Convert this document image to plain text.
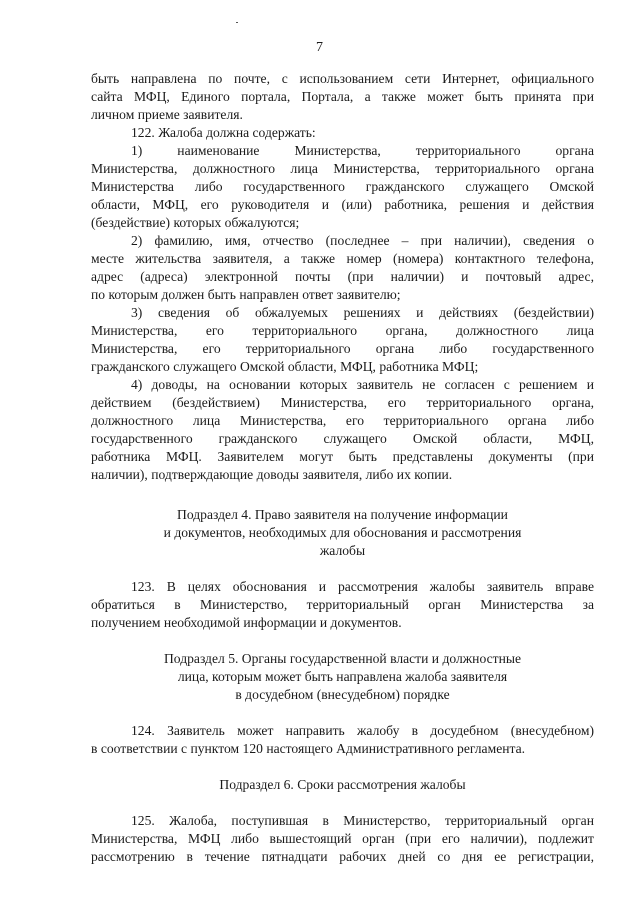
7
быть направлена по почте, с использованием сети Интернет, официального
сайта МФЦ, Единого портала, Портала, а также может быть принята при
личном приеме заявителя.
122. Жалоба должна содержать:
1) наименование Министерства, территориального органа
Министерства, должностного лица Министерства, территориального органа
Министерства либо государственного гражданского служащего Омской
области, МФЦ, его руководителя и (или) работника, решения и действия
(бездействие) которых обжалуются;
2) фамилию, имя, отчество (последнее – при наличии), сведения о
месте жительства заявителя, а также номер (номера) контактного телефона,
адрес (адреса) электронной почты (при наличии) и почтовый адрес,
по которым должен быть направлен ответ заявителю;
3) сведения об обжалуемых решениях и действиях (бездействии)
Министерства, его территориального органа, должностного лица
Министерства, его территориального органа либо государственного
гражданского служащего Омской области, МФЦ, работника МФЦ;
4) доводы, на основании которых заявитель не согласен с решением и
действием (бездействием) Министерства, его территориального органа,
должностного лица Министерства, его территориального органа либо
государственного гражданского служащего Омской области, МФЦ,
работника МФЦ. Заявителем могут быть представлены документы (при
наличии), подтверждающие доводы заявителя, либо их копии.
Подраздел 4. Право заявителя на получение информации
и документов, необходимых для обоснования и рассмотрения
жалобы
123. В целях обоснования и рассмотрения жалобы заявитель вправе
обратиться в Министерство, территориальный орган Министерства за
получением необходимой информации и документов.
Подраздел 5. Органы государственной власти и должностные
лица, которым может быть направлена жалоба заявителя
в досудебном (внесудебном) порядке
124. Заявитель может направить жалобу в досудебном (внесудебном)
в соответствии с пунктом 120 настоящего Административного регламента.
Подраздел 6. Сроки рассмотрения жалобы
125. Жалоба, поступившая в Министерство, территориальный орган
Министерства, МФЦ либо вышестоящий орган (при его наличии), подлежит
рассмотрению в течение пятнадцати рабочих дней со дня ее регистрации,
